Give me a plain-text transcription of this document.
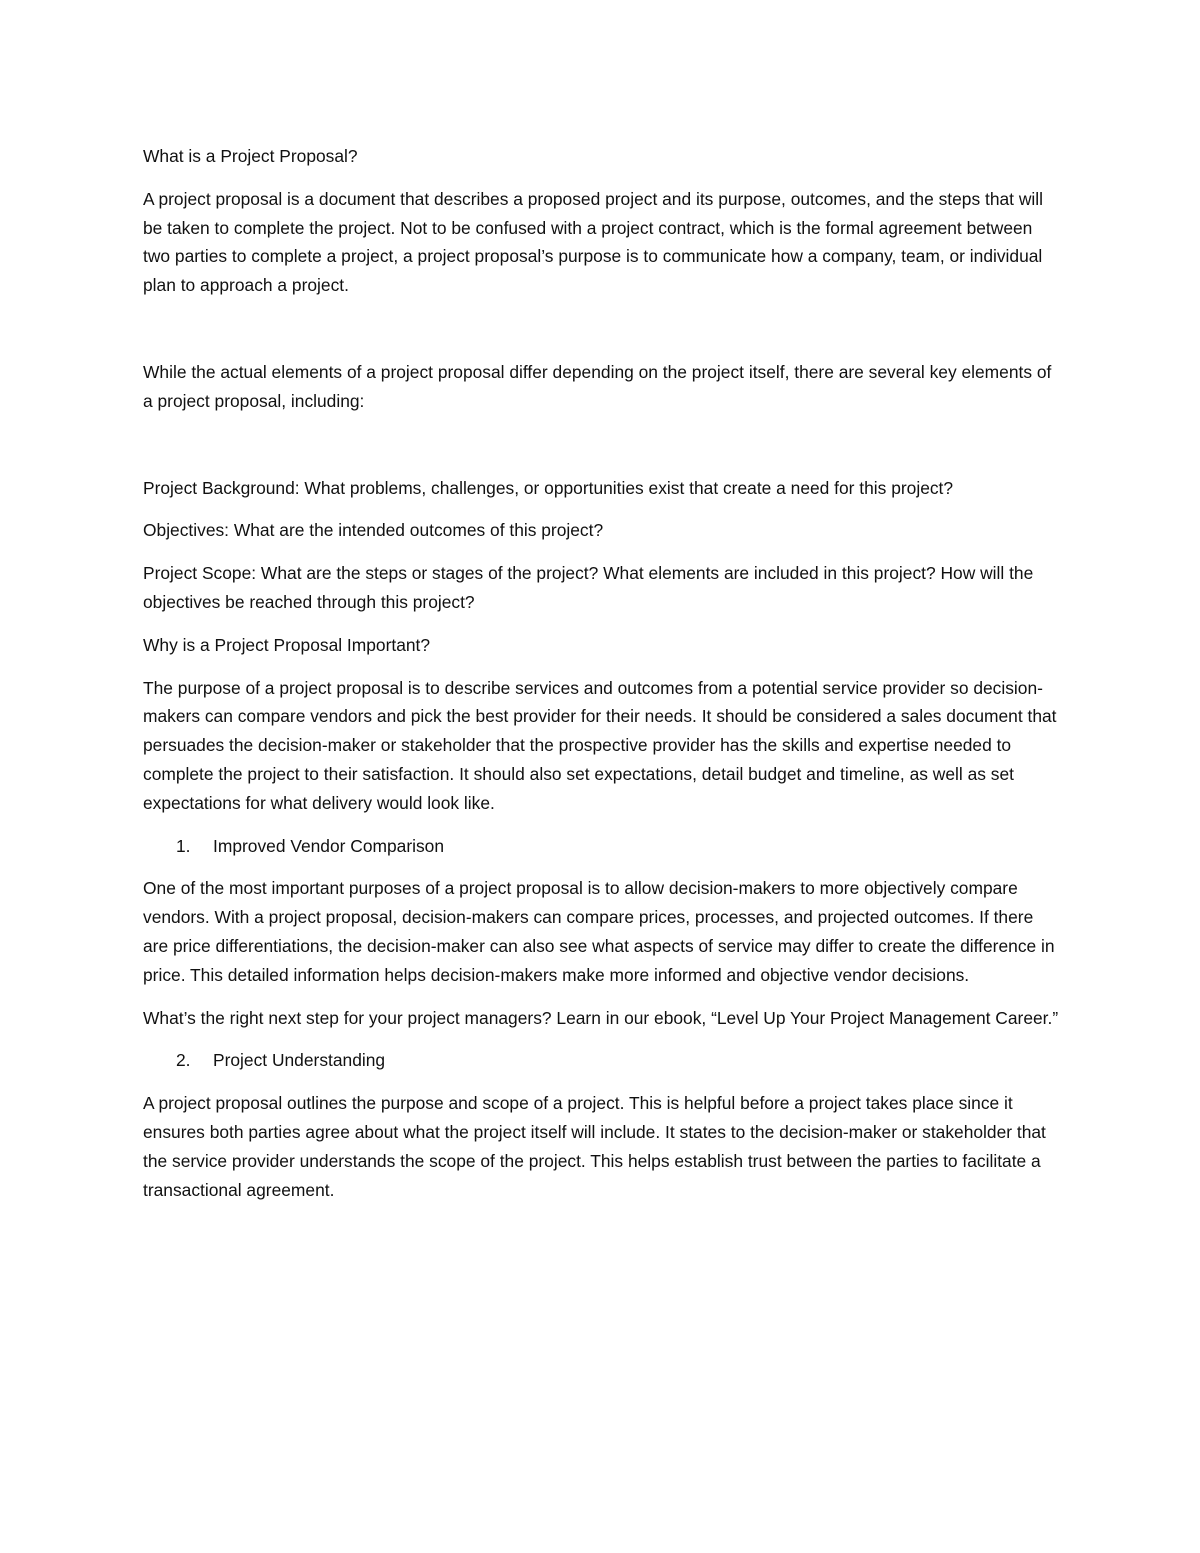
What is a Project Proposal?

A project proposal is a document that describes a proposed project and its purpose, outcomes, and the steps that will be taken to complete the project. Not to be confused with a project contract, which is the formal agreement between two parties to complete a project, a project proposal’s purpose is to communicate how a company, team, or individual plan to approach a project.

While the actual elements of a project proposal differ depending on the project itself, there are several key elements of a project proposal, including:

Project Background: What problems, challenges, or opportunities exist that create a need for this project?

Objectives: What are the intended outcomes of this project?

Project Scope: What are the steps or stages of the project? What elements are included in this project? How will the objectives be reached through this project?

Why is a Project Proposal Important?

The purpose of a project proposal is to describe services and outcomes from a potential service provider so decision-makers can compare vendors and pick the best provider for their needs. It should be considered a sales document that persuades the decision-maker or stakeholder that the prospective provider has the skills and expertise needed to complete the project to their satisfaction. It should also set expectations, detail budget and timeline, as well as set expectations for what delivery would look like.

1.	Improved Vendor Comparison

One of the most important purposes of a project proposal is to allow decision-makers to more objectively compare vendors. With a project proposal, decision-makers can compare prices, processes, and projected outcomes. If there are price differentiations, the decision-maker can also see what aspects of service may differ to create the difference in price. This detailed information helps decision-makers make more informed and objective vendor decisions.

What’s the right next step for your project managers? Learn in our ebook, “Level Up Your Project Management Career.”

2.	Project Understanding

A project proposal outlines the purpose and scope of a project. This is helpful before a project takes place since it ensures both parties agree about what the project itself will include. It states to the decision-maker or stakeholder that the service provider understands the scope of the project. This helps establish trust between the parties to facilitate a transactional agreement.
